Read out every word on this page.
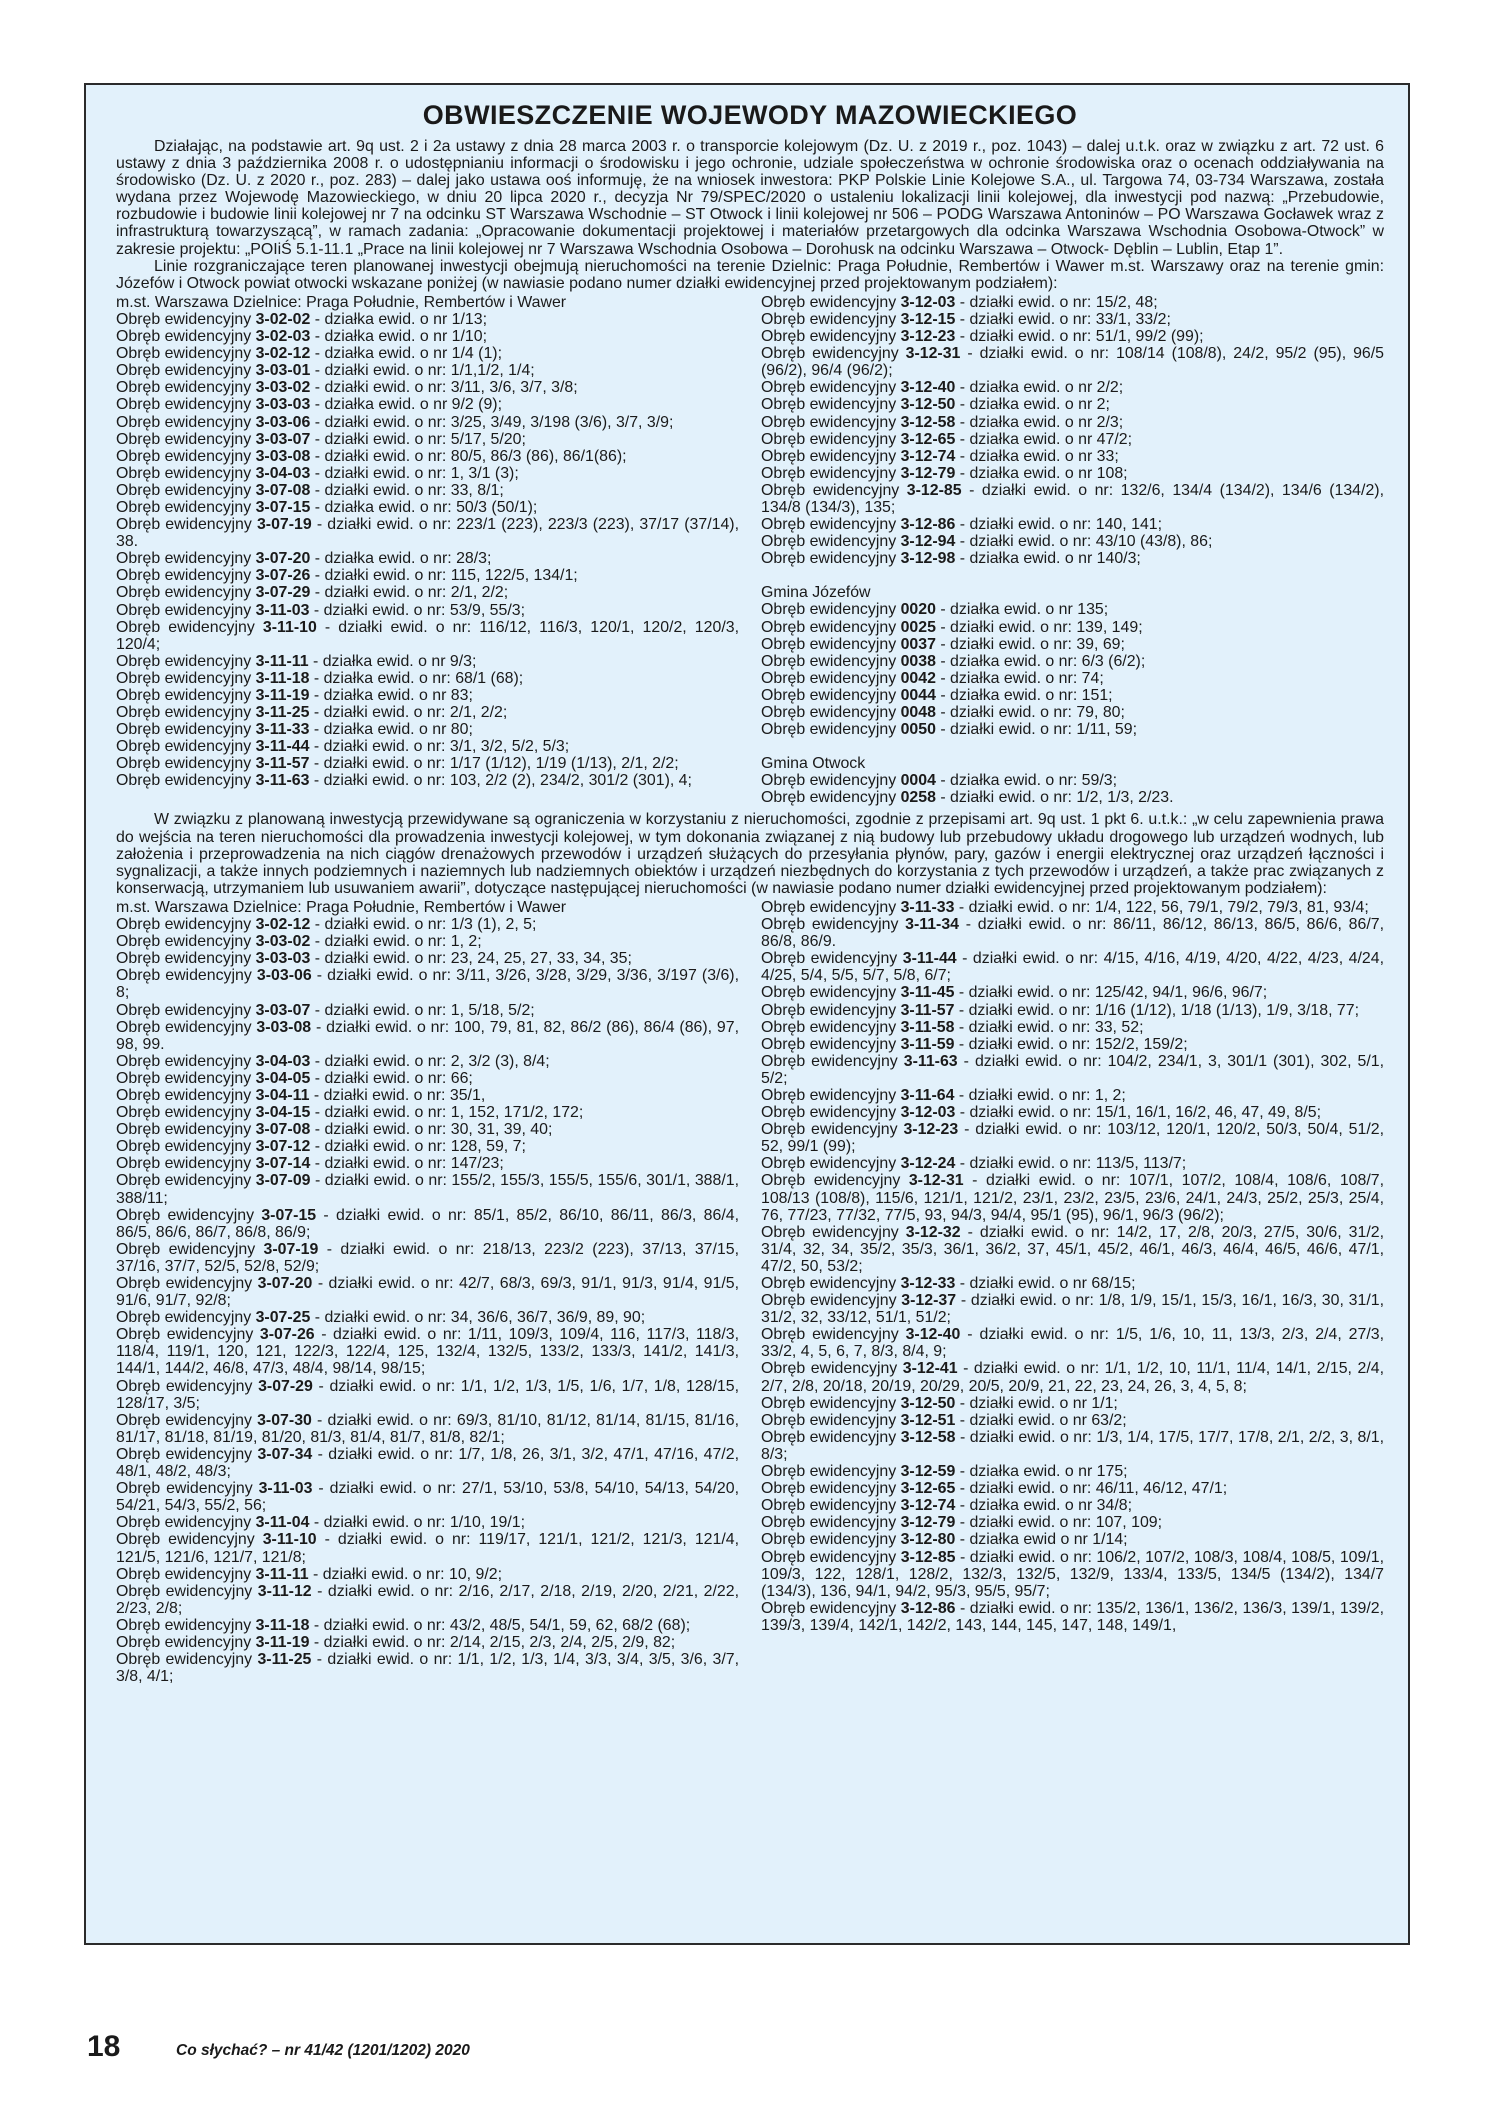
OBWIESZCZENIE WOJEWODY MAZOWIECKIEGO

Działając, na podstawie art. 9q ust. 2 i 2a ustawy z dnia 28 marca 2003 r. o transporcie kolejowym (Dz. U. z 2019 r., poz. 1043) – dalej u.t.k. oraz w związku z art. 72 ust. 6 ustawy z dnia 3 października 2008 r. o udostępnianiu informacji o środowisku i jego ochronie, udziale społeczeństwa w ochronie środowiska oraz o ocenach oddziaływania na środowisko (Dz. U. z 2020 r., poz. 283) – dalej jako ustawa ooś informuję, że na wniosek inwestora: PKP Polskie Linie Kolejowe S.A., ul. Targowa 74, 03-734 Warszawa, została wydana przez Wojewodę Mazowieckiego, w dniu 20 lipca 2020 r., decyzja Nr 79/SPEC/2020 o ustaleniu lokalizacji linii kolejowej, dla inwestycji pod nazwą: „Przebudowie, rozbudowie i budowie linii kolejowej nr 7 na odcinku ST Warszawa Wschodnie – ST Otwock i linii kolejowej nr 506 – PODG Warszawa Antoninów – PO Warszawa Gocławek wraz z infrastrukturą towarzyszącą”, w ramach zadania: „Opracowanie dokumentacji projektowej i materiałów przetargowych dla odcinka Warszawa Wschodnia Osobowa-Otwock” w zakresie projektu: „POIiŚ 5.1-11.1 „Prace na linii kolejowej nr 7 Warszawa Wschodnia Osobowa – Dorohusk na odcinku Warszawa – Otwock- Dęblin – Lublin, Etap 1”.

Linie rozgraniczające teren planowanej inwestycji obejmują nieruchomości na terenie Dzielnic: Praga Południe, Rembertów i Wawer m.st. Warszawy oraz na terenie gmin: Józefów i Otwock powiat otwocki wskazane poniżej (w nawiasie podano numer działki ewidencyjnej przed projektowanym podziałem):

m.st. Warszawa Dzielnice: Praga Południe, Rembertów i Wawer
Obręb ewidencyjny 3-02-02 - działka ewid. o nr 1/13;
Obręb ewidencyjny 3-02-03 - działka ewid. o nr 1/10;
Obręb ewidencyjny 3-02-12 - działka ewid. o nr 1/4 (1);
Obręb ewidencyjny 3-03-01 - działki ewid. o nr: 1/1,1/2, 1/4;
Obręb ewidencyjny 3-03-02 - działki ewid. o nr: 3/11, 3/6, 3/7, 3/8;
Obręb ewidencyjny 3-03-03 - działka ewid. o nr 9/2 (9);
Obręb ewidencyjny 3-03-06 - działki ewid. o nr: 3/25, 3/49, 3/198 (3/6), 3/7, 3/9;
Obręb ewidencyjny 3-03-07 - działki ewid. o nr: 5/17, 5/20;
Obręb ewidencyjny 3-03-08 - działki ewid. o nr: 80/5, 86/3 (86), 86/1(86);
Obręb ewidencyjny 3-04-03 - działki ewid. o nr: 1, 3/1 (3);
Obręb ewidencyjny 3-07-08 - działki ewid. o nr: 33, 8/1;
Obręb ewidencyjny 3-07-15 - działka ewid. o nr: 50/3 (50/1);
Obręb ewidencyjny 3-07-19 - działki ewid. o nr: 223/1 (223), 223/3 (223), 37/17 (37/14), 38.
Obręb ewidencyjny 3-07-20 - działka ewid. o nr: 28/3;
Obręb ewidencyjny 3-07-26 - działki ewid. o nr: 115, 122/5, 134/1;
Obręb ewidencyjny 3-07-29 - działki ewid. o nr: 2/1, 2/2;
Obręb ewidencyjny 3-11-03 - działki ewid. o nr: 53/9, 55/3;
Obręb ewidencyjny 3-11-10 - działki ewid. o nr: 116/12, 116/3, 120/1, 120/2, 120/3, 120/4;
Obręb ewidencyjny 3-11-11 - działka ewid. o nr 9/3;
Obręb ewidencyjny 3-11-18 - działka ewid. o nr: 68/1 (68);
Obręb ewidencyjny 3-11-19 - działka ewid. o nr 83;
Obręb ewidencyjny 3-11-25 - działki ewid. o nr: 2/1, 2/2;
Obręb ewidencyjny 3-11-33 - działka ewid. o nr 80;
Obręb ewidencyjny 3-11-44 - działki ewid. o nr: 3/1, 3/2, 5/2, 5/3;
Obręb ewidencyjny 3-11-57 - działki ewid. o nr: 1/17 (1/12), 1/19 (1/13), 2/1, 2/2;
Obręb ewidencyjny 3-11-63 - działki ewid. o nr: 103, 2/2 (2), 234/2, 301/2 (301), 4;
Obręb ewidencyjny 3-12-03 - działki ewid. o nr: 15/2, 48;
Obręb ewidencyjny 3-12-15 - działki ewid. o nr: 33/1, 33/2;
Obręb ewidencyjny 3-12-23 - działki ewid. o nr: 51/1, 99/2 (99);
Obręb ewidencyjny 3-12-31 - działki ewid. o nr: 108/14 (108/8), 24/2, 95/2 (95), 96/5 (96/2), 96/4 (96/2);
Obręb ewidencyjny 3-12-40 - działka ewid. o nr 2/2;
Obręb ewidencyjny 3-12-50 - działka ewid. o nr 2;
Obręb ewidencyjny 3-12-58 - działka ewid. o nr 2/3;
Obręb ewidencyjny 3-12-65 - działka ewid. o nr 47/2;
Obręb ewidencyjny 3-12-74 - działka ewid. o nr 33;
Obręb ewidencyjny 3-12-79 - działka ewid. o nr 108;
Obręb ewidencyjny 3-12-85 - działki ewid. o nr: 132/6, 134/4 (134/2), 134/6 (134/2), 134/8 (134/3), 135;
Obręb ewidencyjny 3-12-86 - działki ewid. o nr: 140, 141;
Obręb ewidencyjny 3-12-94 - działki ewid. o nr: 43/10 (43/8), 86;
Obręb ewidencyjny 3-12-98 - działka ewid. o nr 140/3;
Gmina Józefów
Obręb ewidencyjny 0020 - działka ewid. o nr 135;
Obręb ewidencyjny 0025 - działki ewid. o nr: 139, 149;
Obręb ewidencyjny 0037 - działki ewid. o nr: 39, 69;
Obręb ewidencyjny 0038 - działka ewid. o nr: 6/3 (6/2);
Obręb ewidencyjny 0042 - działka ewid. o nr: 74;
Obręb ewidencyjny 0044 - działka ewid. o nr: 151;
Obręb ewidencyjny 0048 - działki ewid. o nr: 79, 80;
Obręb ewidencyjny 0050 - działki ewid. o nr: 1/11, 59;
Gmina Otwock
Obręb ewidencyjny 0004 - działka ewid. o nr: 59/3;
Obręb ewidencyjny 0258 - działki ewid. o nr: 1/2, 1/3, 2/23.

W związku z planowaną inwestycją przewidywane są ograniczenia w korzystaniu z nieruchomości, zgodnie z przepisami art. 9q ust. 1 pkt 6. u.t.k.: „w celu zapewnienia prawa do wejścia na teren nieruchomości dla prowadzenia inwestycji kolejowej, w tym dokonania związanej z nią budowy lub przebudowy układu drogowego lub urządzeń wodnych, lub założenia i przeprowadzenia na nich ciągów drenażowych przewodów i urządzeń służących do przesyłania płynów, pary, gazów i energii elektrycznej oraz urządzeń łączności i sygnalizacji, a także innych podziemnych i naziemnych lub nadziemnych obiektów i urządzeń niezbędnych do korzystania z tych przewodów i urządzeń, a także prac związanych z konserwacją, utrzymaniem lub usuwaniem awarii”, dotyczące następującej nieruchomości (w nawiasie podano numer działki ewidencyjnej przed projektowanym podziałem):

m.st. Warszawa Dzielnice: Praga Południe, Rembertów i Wawer
Obręb ewidencyjny 3-02-12 - działki ewid. o nr: 1/3 (1), 2, 5;
Obręb ewidencyjny 3-03-02 - działki ewid. o nr: 1, 2;
Obręb ewidencyjny 3-03-03 - działki ewid. o nr: 23, 24, 25, 27, 33, 34, 35;
Obręb ewidencyjny 3-03-06 - działki ewid. o nr: 3/11, 3/26, 3/28, 3/29, 3/36, 3/197 (3/6), 8;
Obręb ewidencyjny 3-03-07 - działki ewid. o nr: 1, 5/18, 5/2;
Obręb ewidencyjny 3-03-08 - działki ewid. o nr: 100, 79, 81, 82, 86/2 (86), 86/4 (86), 97, 98, 99.
Obręb ewidencyjny 3-04-03 - działki ewid. o nr: 2, 3/2 (3), 8/4;
Obręb ewidencyjny 3-04-05 - działki ewid. o nr: 66;
Obręb ewidencyjny 3-04-11 - działki ewid. o nr: 35/1,
Obręb ewidencyjny 3-04-15 - działki ewid. o nr: 1, 152, 171/2, 172;
Obręb ewidencyjny 3-07-08 - działki ewid. o nr: 30, 31, 39, 40;
Obręb ewidencyjny 3-07-12 - działki ewid. o nr: 128, 59, 7;
Obręb ewidencyjny 3-07-14 - działki ewid. o nr: 147/23;
Obręb ewidencyjny 3-07-09 - działki ewid. o nr: 155/2, 155/3, 155/5, 155/6, 301/1, 388/1, 388/11;
Obręb ewidencyjny 3-07-15 - działki ewid. o nr: 85/1, 85/2, 86/10, 86/11, 86/3, 86/4, 86/5, 86/6, 86/7, 86/8, 86/9;
Obręb ewidencyjny 3-07-19 - działki ewid. o nr: 218/13, 223/2 (223), 37/13, 37/15, 37/16, 37/7, 52/5, 52/8, 52/9;
Obręb ewidencyjny 3-07-20 - działki ewid. o nr: 42/7, 68/3, 69/3, 91/1, 91/3, 91/4, 91/5, 91/6, 91/7, 92/8;
Obręb ewidencyjny 3-07-25 - działki ewid. o nr: 34, 36/6, 36/7, 36/9, 89, 90;
Obręb ewidencyjny 3-07-26 - działki ewid. o nr: 1/11, 109/3, 109/4, 116, 117/3, 118/3, 118/4, 119/1, 120, 121, 122/3, 122/4, 125, 132/4, 132/5, 133/2, 133/3, 141/2, 141/3, 144/1, 144/2, 46/8, 47/3, 48/4, 98/14, 98/15;
Obręb ewidencyjny 3-07-29 - działki ewid. o nr: 1/1, 1/2, 1/3, 1/5, 1/6, 1/7, 1/8, 128/15, 128/17, 3/5;
Obręb ewidencyjny 3-07-30 - działki ewid. o nr: 69/3, 81/10, 81/12, 81/14, 81/15, 81/16, 81/17, 81/18, 81/19, 81/20, 81/3, 81/4, 81/7, 81/8, 82/1;
Obręb ewidencyjny 3-07-34 - działki ewid. o nr: 1/7, 1/8, 26, 3/1, 3/2, 47/1, 47/16, 47/2, 48/1, 48/2, 48/3;
Obręb ewidencyjny 3-11-03 - działki ewid. o nr: 27/1, 53/10, 53/8, 54/10, 54/13, 54/20, 54/21, 54/3, 55/2, 56;
Obręb ewidencyjny 3-11-04 - działki ewid. o nr: 1/10, 19/1;
Obręb ewidencyjny 3-11-10 - działki ewid. o nr: 119/17, 121/1, 121/2, 121/3, 121/4, 121/5, 121/6, 121/7, 121/8;
Obręb ewidencyjny 3-11-11 - działki ewid. o nr: 10, 9/2;
Obręb ewidencyjny 3-11-12 - działki ewid. o nr: 2/16, 2/17, 2/18, 2/19, 2/20, 2/21, 2/22, 2/23, 2/8;
Obręb ewidencyjny 3-11-18 - działki ewid. o nr: 43/2, 48/5, 54/1, 59, 62, 68/2 (68);
Obręb ewidencyjny 3-11-19 - działki ewid. o nr: 2/14, 2/15, 2/3, 2/4, 2/5, 2/9, 82;
Obręb ewidencyjny 3-11-25 - działki ewid. o nr: 1/1, 1/2, 1/3, 1/4, 3/3, 3/4, 3/5, 3/6, 3/7, 3/8, 4/1;
Obręb ewidencyjny 3-11-33 - działki ewid. o nr: 1/4, 122, 56, 79/1, 79/2, 79/3, 81, 93/4;
Obręb ewidencyjny 3-11-34 - działki ewid. o nr: 86/11, 86/12, 86/13, 86/5, 86/6, 86/7, 86/8, 86/9.
Obręb ewidencyjny 3-11-44 - działki ewid. o nr: 4/15, 4/16, 4/19, 4/20, 4/22, 4/23, 4/24, 4/25, 5/4, 5/5, 5/7, 5/8, 6/7;
Obręb ewidencyjny 3-11-45 - działki ewid. o nr: 125/42, 94/1, 96/6, 96/7;
Obręb ewidencyjny 3-11-57 - działki ewid. o nr: 1/16 (1/12), 1/18 (1/13), 1/9, 3/18, 77;
Obręb ewidencyjny 3-11-58 - działki ewid. o nr: 33, 52;
Obręb ewidencyjny 3-11-59 - działki ewid. o nr: 152/2, 159/2;
Obręb ewidencyjny 3-11-63 - działki ewid. o nr: 104/2, 234/1, 3, 301/1 (301), 302, 5/1, 5/2;
Obręb ewidencyjny 3-11-64 - działki ewid. o nr: 1, 2;
Obręb ewidencyjny 3-12-03 - działki ewid. o nr: 15/1, 16/1, 16/2, 46, 47, 49, 8/5;
Obręb ewidencyjny 3-12-23 - działki ewid. o nr: 103/12, 120/1, 120/2, 50/3, 50/4, 51/2, 52, 99/1 (99);
Obręb ewidencyjny 3-12-24 - działki ewid. o nr: 113/5, 113/7;
Obręb ewidencyjny 3-12-31 - działki ewid. o nr: 107/1, 107/2, 108/4, 108/6, 108/7, 108/13 (108/8), 115/6, 121/1, 121/2, 23/1, 23/2, 23/5, 23/6, 24/1, 24/3, 25/2, 25/3, 25/4, 76, 77/23, 77/32, 77/5, 93, 94/3, 94/4, 95/1 (95), 96/1, 96/3 (96/2);
Obręb ewidencyjny 3-12-32 - działki ewid. o nr: 14/2, 17, 2/8, 20/3, 27/5, 30/6, 31/2, 31/4, 32, 34, 35/2, 35/3, 36/1, 36/2, 37, 45/1, 45/2, 46/1, 46/3, 46/4, 46/5, 46/6, 47/1, 47/2, 50, 53/2;
Obręb ewidencyjny 3-12-33 - działki ewid. o nr 68/15;
Obręb ewidencyjny 3-12-37 - działki ewid. o nr: 1/8, 1/9, 15/1, 15/3, 16/1, 16/3, 30, 31/1, 31/2, 32, 33/12, 51/1, 51/2;
Obręb ewidencyjny 3-12-40 - działki ewid. o nr: 1/5, 1/6, 10, 11, 13/3, 2/3, 2/4, 27/3, 33/2, 4, 5, 6, 7, 8/3, 8/4, 9;
Obręb ewidencyjny 3-12-41 - działki ewid. o nr: 1/1, 1/2, 10, 11/1, 11/4, 14/1, 2/15, 2/4, 2/7, 2/8, 20/18, 20/19, 20/29, 20/5, 20/9, 21, 22, 23, 24, 26, 3, 4, 5, 8;
Obręb ewidencyjny 3-12-50 - działki ewid. o nr 1/1;
Obręb ewidencyjny 3-12-51 - działki ewid. o nr 63/2;
Obręb ewidencyjny 3-12-58 - działki ewid. o nr: 1/3, 1/4, 17/5, 17/7, 17/8, 2/1, 2/2, 3, 8/1, 8/3;
Obręb ewidencyjny 3-12-59 - działka ewid. o nr 175;
Obręb ewidencyjny 3-12-65 - działki ewid. o nr: 46/11, 46/12, 47/1;
Obręb ewidencyjny 3-12-74 - działka ewid. o nr 34/8;
Obręb ewidencyjny 3-12-79 - działki ewid. o nr: 107, 109;
Obręb ewidencyjny 3-12-80 - działka ewid o nr 1/14;
Obręb ewidencyjny 3-12-85 - działki ewid. o nr: 106/2, 107/2, 108/3, 108/4, 108/5, 109/1, 109/3, 122, 128/1, 128/2, 132/3, 132/5, 132/9, 133/4, 133/5, 134/5 (134/2), 134/7 (134/3), 136, 94/1, 94/2, 95/3, 95/5, 95/7;
Obręb ewidencyjny 3-12-86 - działki ewid. o nr: 135/2, 136/1, 136/2, 136/3, 139/1, 139/2, 139/3, 139/4, 142/1, 142/2, 143, 144, 145, 147, 148, 149/1,
18	Co słychać? – nr 41/42 (1201/1202) 2020
